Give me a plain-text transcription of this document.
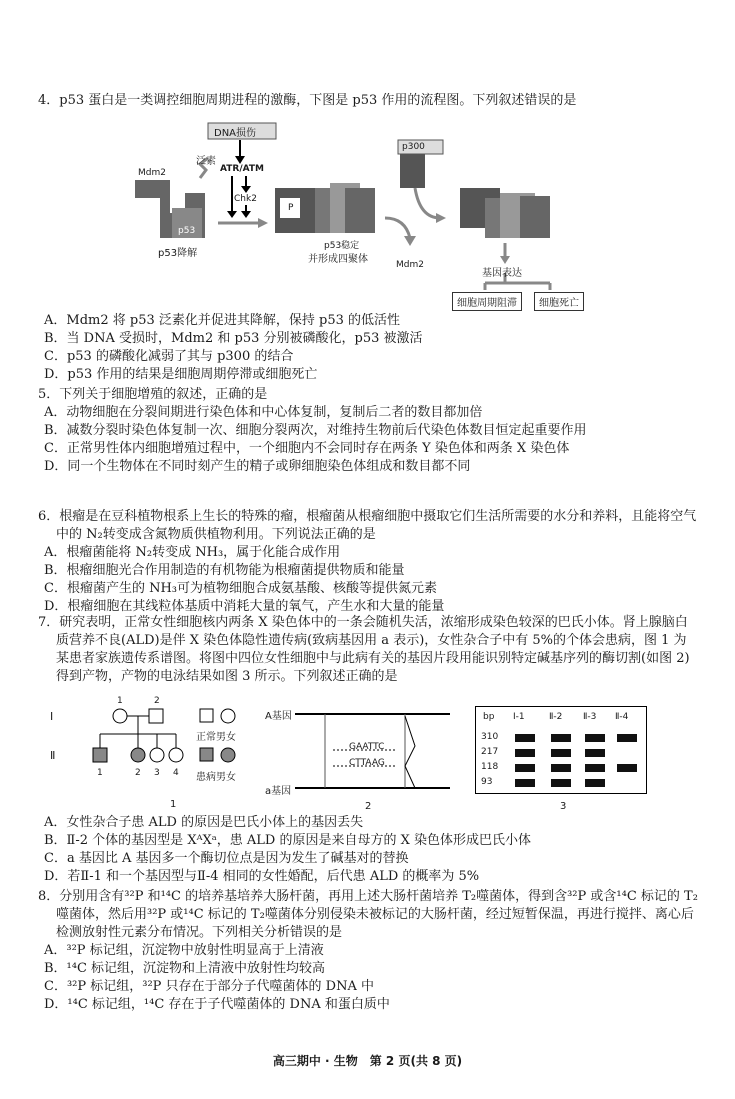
4．p53 蛋白是一类调控细胞周期进程的激酶，下图是 p53 作用的流程图。下列叙述错误的是
DNA损伤
泛素
ATR/ATM
Chk2
Mdm2
p53
p53降解
P
p53稳定
并形成四聚体
p300
Mdm2
基因表达
细胞周期阻滞	细胞死亡
A．Mdm2 将 p53 泛素化并促进其降解，保持 p53 的低活性
B．当 DNA 受损时，Mdm2 和 p53 分别被磷酸化，p53 被激活
C．p53 的磷酸化减弱了其与 p300 的结合
D．p53 作用的结果是细胞周期停滞或细胞死亡
5．下列关于细胞增殖的叙述，正确的是
A．动物细胞在分裂间期进行染色体和中心体复制，复制后二者的数目都加倍
B．减数分裂时染色体复制一次、细胞分裂两次，对维持生物前后代染色体数目恒定起重要作用
C．正常男性体内细胞增殖过程中，一个细胞内不会同时存在两条 Y 染色体和两条 X 染色体
D．同一个生物体在不同时刻产生的精子或卵细胞染色体组成和数目都不同
6．根瘤是在豆科植物根系上生长的特殊的瘤，根瘤菌从根瘤细胞中摄取它们生活所需要的水分和养料，且能将空气中的 N₂转变成含氮物质供植物利用。下列说法正确的是
A．根瘤菌能将 N₂转变成 NH₃，属于化能合成作用
B．根瘤细胞光合作用制造的有机物能为根瘤菌提供物质和能量
C．根瘤菌产生的 NH₃可为植物细胞合成氨基酸、核酸等提供氮元素
D．根瘤细胞在其线粒体基质中消耗大量的氧气，产生水和大量的能量
7．研究表明，正常女性细胞核内两条 X 染色体中的一条会随机失活，浓缩形成染色较深的巴氏小体。肾上腺脑白质营养不良(ALD)是伴 X 染色体隐性遗传病(致病基因用 a 表示)，女性杂合子中有 5%的个体会患病，图 1 为某患者家族遗传系谱图。将图中四位女性细胞中与此病有关的基因片段用能识别特定碱基序列的酶切割(如图 2)得到产物，产物的电泳结果如图 3 所示。下列叙述正确的是
Ⅰ
Ⅱ
1	2
1	2 3 4
正常男女
患病男女
1
A基因
a基因
GAATTC
CTTAAG
2
bp Ⅰ-1	Ⅱ-2 Ⅱ-3 Ⅱ-4
310
217
118
93
3
A．女性杂合子患 ALD 的原因是巴氏小体上的基因丢失
B．Ⅱ-2 个体的基因型是 XᴬXᵃ，患 ALD 的原因是来自母方的 X 染色体形成巴氏小体
C．a 基因比 A 基因多一个酶切位点是因为发生了碱基对的替换
D．若Ⅱ-1 和一个基因型与Ⅱ-4 相同的女性婚配，后代患 ALD 的概率为 5%
8．分别用含有³²P 和¹⁴C 的培养基培养大肠杆菌，再用上述大肠杆菌培养 T₂噬菌体，得到含³²P 或含¹⁴C 标记的 T₂噬菌体，然后用³²P 或¹⁴C 标记的 T₂噬菌体分别侵染未被标记的大肠杆菌，经过短暂保温，再进行搅拌、离心后检测放射性元素分布情况。下列相关分析错误的是
A．³²P 标记组，沉淀物中放射性明显高于上清液
B．¹⁴C 标记组，沉淀物和上清液中放射性均较高
C．³²P 标记组，³²P 只存在于部分子代噬菌体的 DNA 中
D．¹⁴C 标记组，¹⁴C 存在于子代噬菌体的 DNA 和蛋白质中
高三期中 · 生物　第 2 页(共 8 页)
